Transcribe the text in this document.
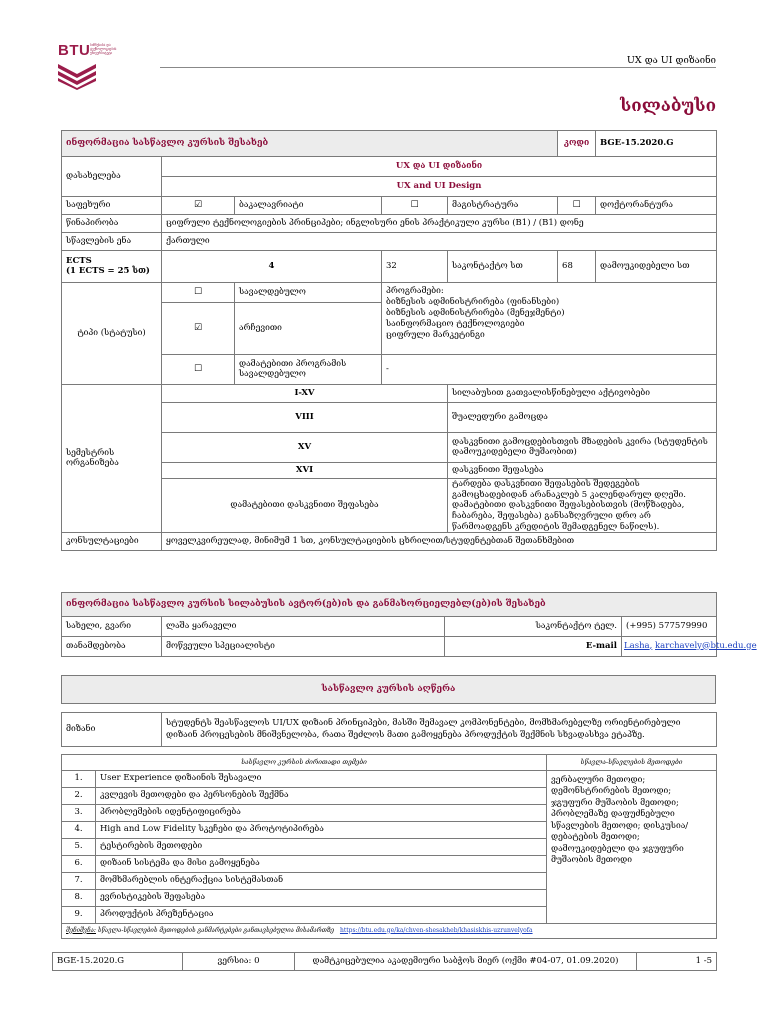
BTU ბიზნესისა და ტექნოლოგიების უნივერსიტეტი
UX და UI დიზაინი
სილაბუსი
ინფორმაცია სასწავლო კურსის შესახებ					კოდი	BGE-15.2020.G
დასახელება	UX და UI დიზაინი					
	UX and UI Design					
საფეხური	☑	ბაკალავრიატი	☐	მაგისტრატურა	☐	დოქტორანტურა
წინაპირობა	ციფრული ტექნოლოგიების პრინციპები; ინგლისური ენის პრაქტიკული კურსი (B1) / (B1) დონე					
სწავლების ენა	ქართული					

ECTS
(1 ECTS = 25 სთ)	4		32	საკონტაქტო სთ	68	დამოუკიდებელი სთ
ტიპი (სტატუსი)	☐	სავალდებულო	პროგრამები:
ბიზნესის ადმინისტრირება (ფინანსები)
ბიზნესის ადმინისტრირება (მენეჯმენტი)
საინფორმაციო ტექნოლოგიები
ციფრული მარკეტინგი			

	☑	არჩევითი				
	☐	დამატებითი პროგრამის სავალდებულო	-			
სემესტრის ორგანიზება	I-XV			სილაბუსით გათვალისწინებული აქტივობები		
	VIII			შუალედური გამოცდა		
	XV			დასკვნითი გამოცდებისთვის მზადების კვირა (სტუდენტის დამოუკიდებელი მუშაობით)		
	XVI			დასკვნითი შეფასება		
	დამატებითი დასკვნითი შეფასება			ტარდება დასკვნითი შეფასების შედეგების გამოცხადებიდან არანაკლებ 5 კალენდარულ დღეში. დამატებითი დასკვნითი შეფასებისთვის (მოწზადება, ჩაბარება, შეფასება) განსაზღვრული დრო არ წარმოადგენს კრედიტის შემადგენელ ნაწილს).		
კონსულტაციები	ყოველკვირეულად, მინიმუმ 1 სთ, კონსულტაციების ცხრილით/სტუდენტებთან შეთანხმებით					
ინფორმაცია სასწავლო კურსის სილაბუსის ავტორ(ებ)ის და განმახორციელებლ(ებ)ის შესახებ			
სახელი, გვარი	ლაშა ყარაველი	საკონტაქტო ტელ.	(+995) 577579990
თანამდებობა	მოწვეული სპეციალისტი	E-mail	Lasha, karchavely@btu.edu.ge
სასწავლო კურსის აღწერა
მიზანი	სტუდენტს შეასწავლოს UI/UX დიზაინ პრინციპები, მასში შემავალ კომპონენტები, მომხმარებელზე ორიენტირებული დიზაინ პროცესების მნიშვნელობა, რათა შეძლოს მათი გამოყენება პროდუქტის შექმნის სხვადასხვა ეტაპზე.
სასწავლო კურსის ძირითადი თემები		სწავლა-სწავლების მეთოდები
1.	User Experience დიზაინის შესავალი	ვერბალური მეთოდი; დემონსტრირების მეთოდი; ჯგუფური მუშაობის მეთოდი; პრობლემაზე დაფუძნებული სწავლების მეთოდი; დისკუსია/დებატების მეთოდი; დამოუკიდებელი და ჯგუფური მუშაობის მეთოდი
2.	კვლევის მეთოდები და პერსონების შექმნა	
3.	პრობლემების იდენტიფიცირება	
4.	High and Low Fidelity სკეჩები და პროტოტიპირება	
5.	ტესტირების მეთოდები	
6.	დიზაინ სისტემა და მისი გამოყენება	
7.	მომხმარებლის ინტერაქცია სისტემასთან	
8.	ევრისტიკების შეფასება	
9.	პროდუქტის პრეზენტაცია	
შენიშვნა: სწავლა-სწავლების მეთოდების განმარტებები განთავსებულია მისამართზე https://btu.edu.ge/ka/chven-shesakheb/khasiskhis-uzrunvelyofa		
BGE-15.2020.G	ვერსია: 0	დამტკიცებულია აკადემიური საბჭოს მიერ (ოქმი #04-07, 01.09.2020)	1 -5
